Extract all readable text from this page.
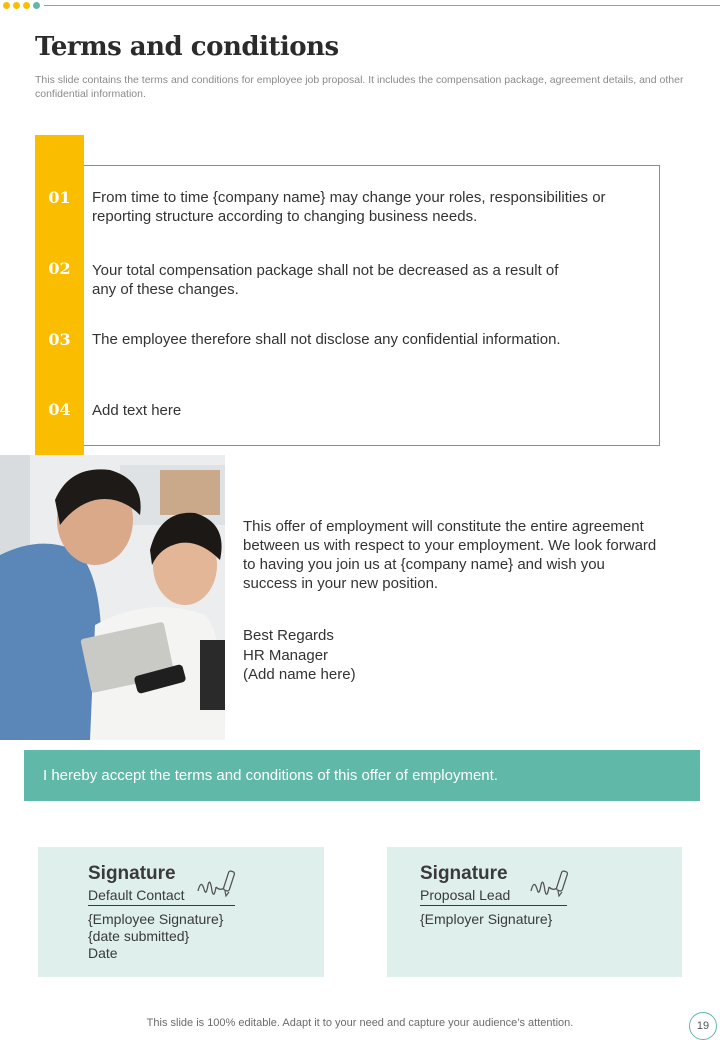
Terms and conditions

This slide contains the terms and conditions for employee job proposal. It includes the compensation package, agreement details, and other confidential information.

01	From time to time {company name} may change your roles, responsibilities or reporting structure according to changing business needs.
02	Your total compensation package shall not be decreased as a result of any of these changes.
03	The employee therefore shall not disclose any confidential information.
04	Add text here

This offer of employment will constitute the entire agreement between us with respect to your employment. We look forward to having you join us at {company name} and wish you success in your new position.

Best Regards
HR Manager
(Add name here)
I hereby accept the terms and conditions of this offer of employment.
Signature
Default Contact
{Employee Signature}
{date submitted}
Date
Signature
Proposal Lead
{Employer Signature}
This slide is 100% editable. Adapt it to your need and capture your audience’s attention.	19
